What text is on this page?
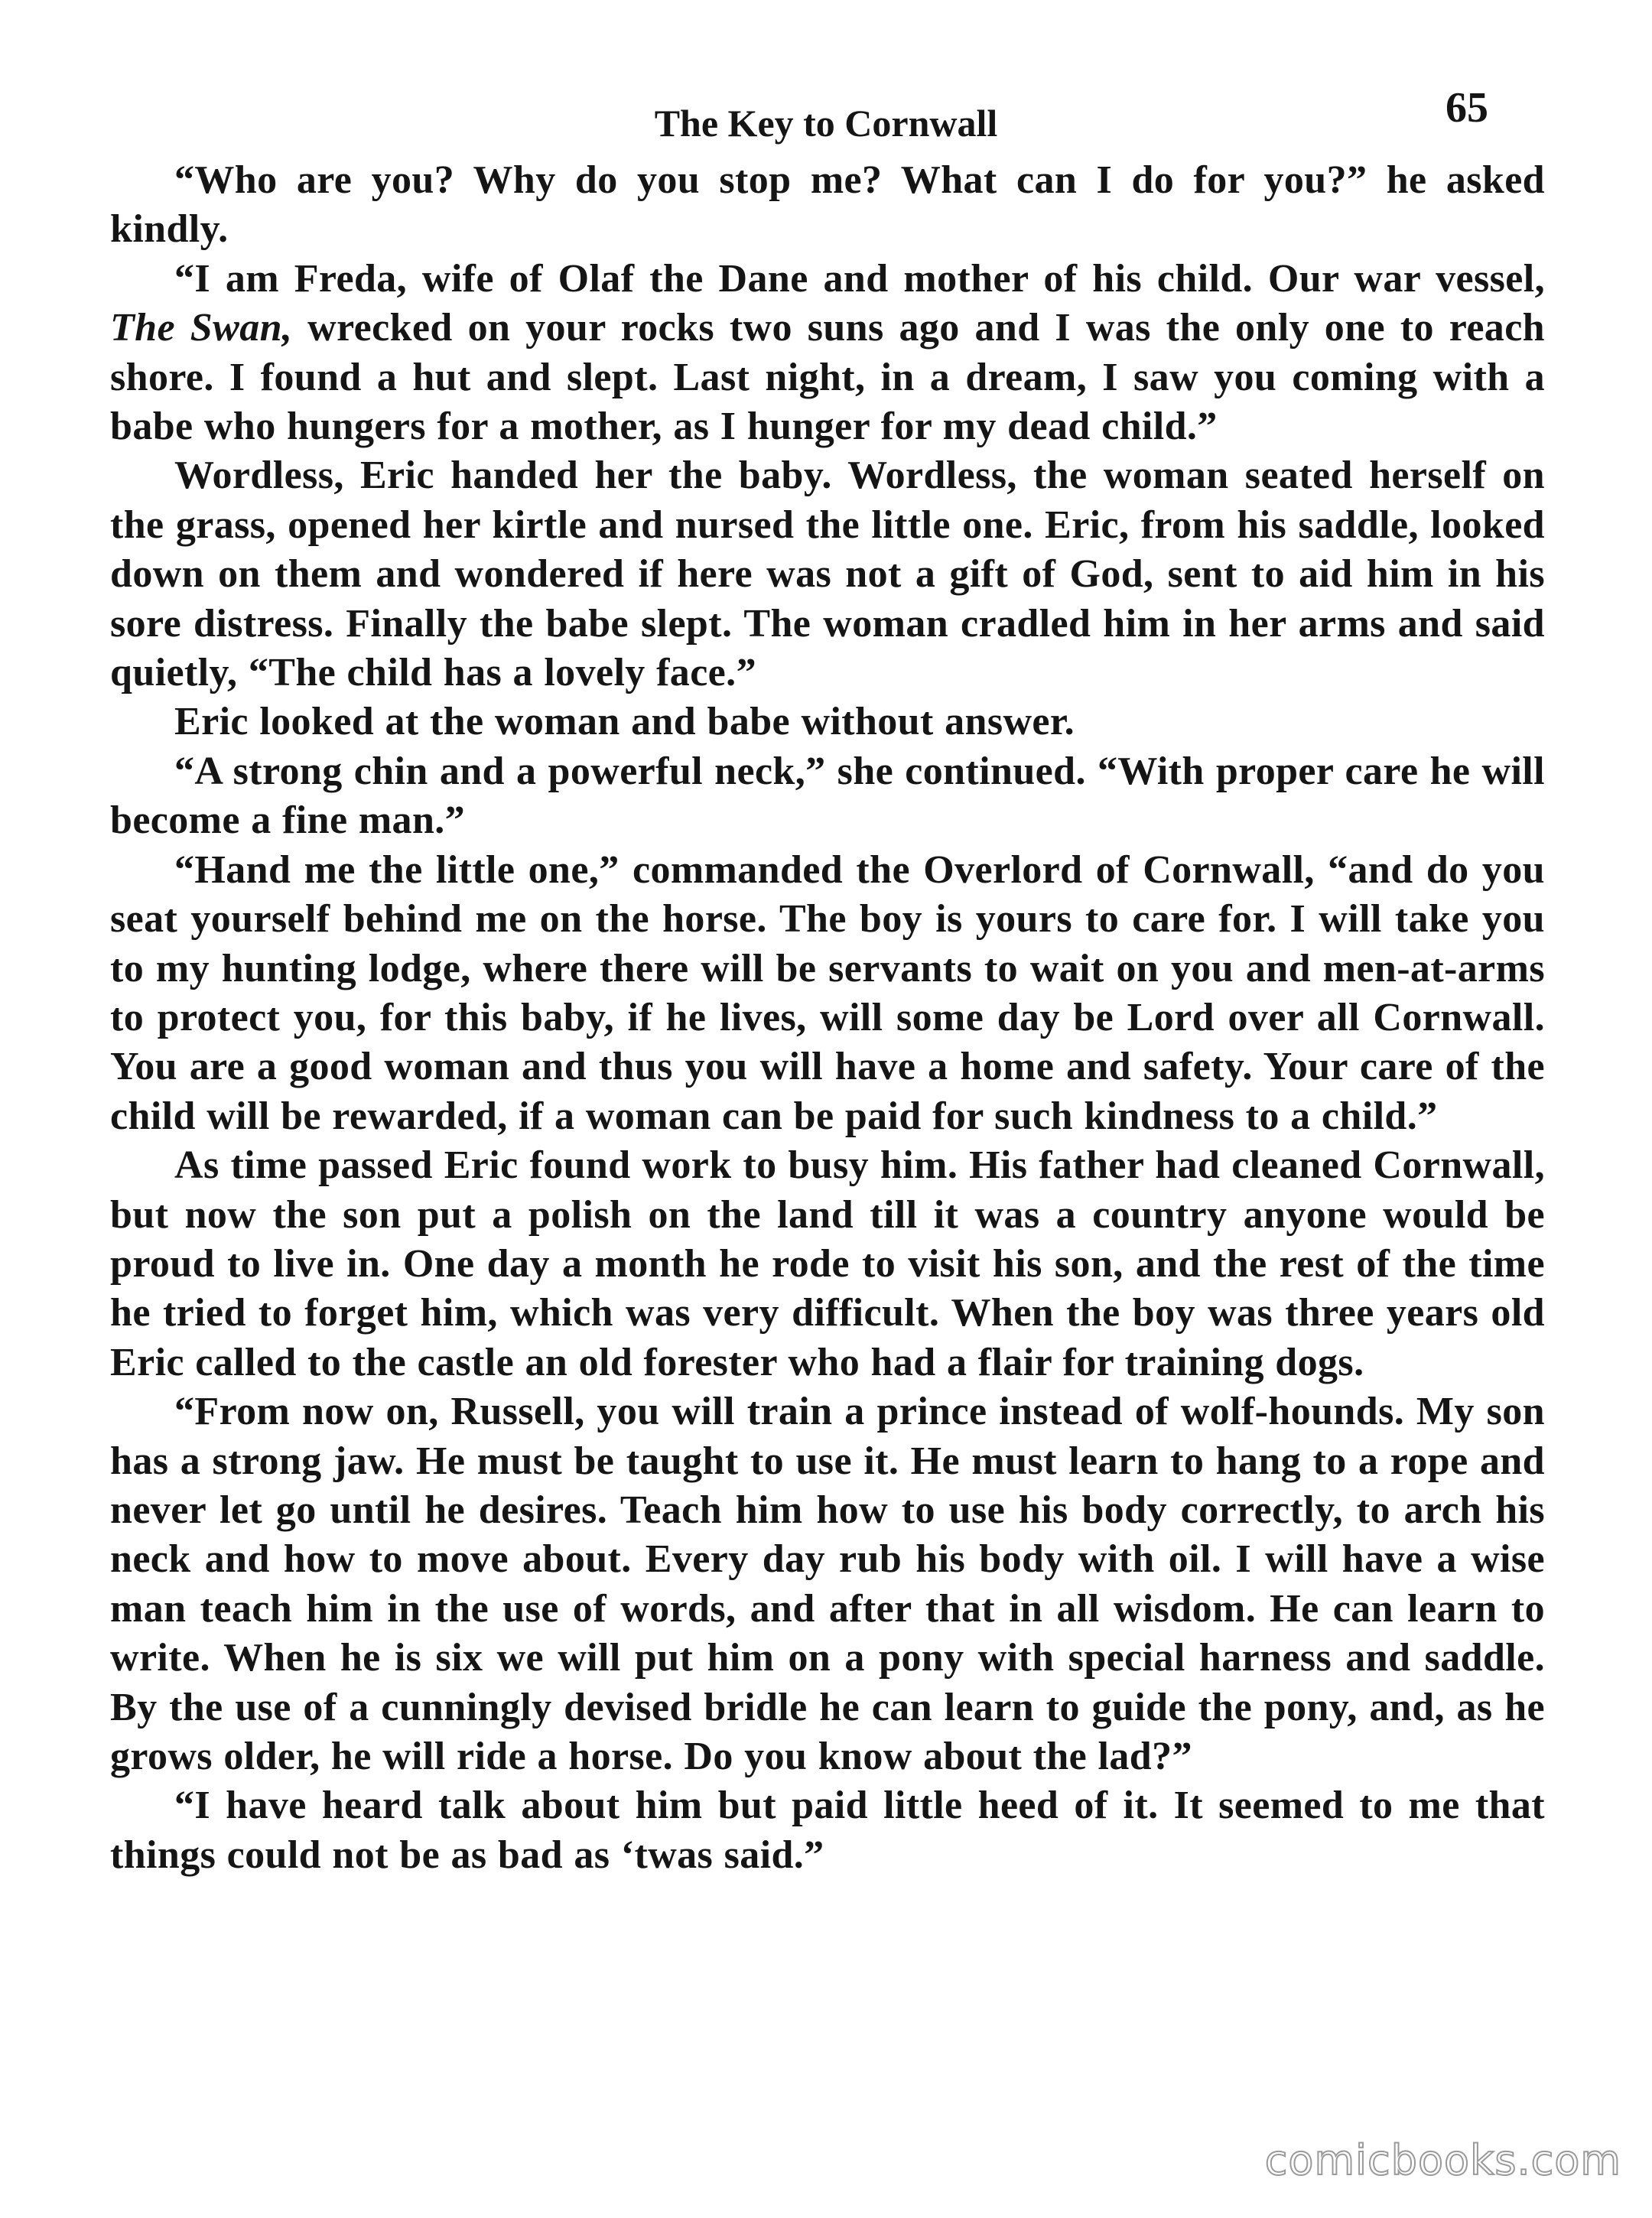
The Key to Cornwall	65

“Who are you? Why do you stop me? What can I do for you?” he asked kindly.

“I am Freda, wife of Olaf the Dane and mother of his child. Our war vessel, The Swan, wrecked on your rocks two suns ago and I was the only one to reach shore. I found a hut and slept. Last night, in a dream, I saw you coming with a babe who hungers for a mother, as I hunger for my dead child.”

Wordless, Eric handed her the baby. Wordless, the woman seated herself on the grass, opened her kirtle and nursed the little one. Eric, from his saddle, looked down on them and wondered if here was not a gift of God, sent to aid him in his sore distress. Finally the babe slept. The woman cradled him in her arms and said quietly, “The child has a lovely face.”

Eric looked at the woman and babe without answer.

“A strong chin and a powerful neck,” she continued. “With proper care he will become a fine man.”

“Hand me the little one,” commanded the Overlord of Cornwall, “and do you seat yourself behind me on the horse. The boy is yours to care for. I will take you to my hunting lodge, where there will be servants to wait on you and men-at-arms to protect you, for this baby, if he lives, will some day be Lord over all Cornwall. You are a good woman and thus you will have a home and safety. Your care of the child will be rewarded, if a woman can be paid for such kindness to a child.”

As time passed Eric found work to busy him. His father had cleaned Cornwall, but now the son put a polish on the land till it was a country anyone would be proud to live in. One day a month he rode to visit his son, and the rest of the time he tried to forget him, which was very difficult. When the boy was three years old Eric called to the castle an old forester who had a flair for training dogs.

“From now on, Russell, you will train a prince instead of wolf-hounds. My son has a strong jaw. He must be taught to use it. He must learn to hang to a rope and never let go until he desires. Teach him how to use his body correctly, to arch his neck and how to move about. Every day rub his body with oil. I will have a wise man teach him in the use of words, and after that in all wisdom. He can learn to write. When he is six we will put him on a pony with special harness and saddle. By the use of a cunningly devised bridle he can learn to guide the pony, and, as he grows older, he will ride a horse. Do you know about the lad?”

“I have heard talk about him but paid little heed of it. It seemed to me that things could not be as bad as ‘twas said.”

comicbooks.com
